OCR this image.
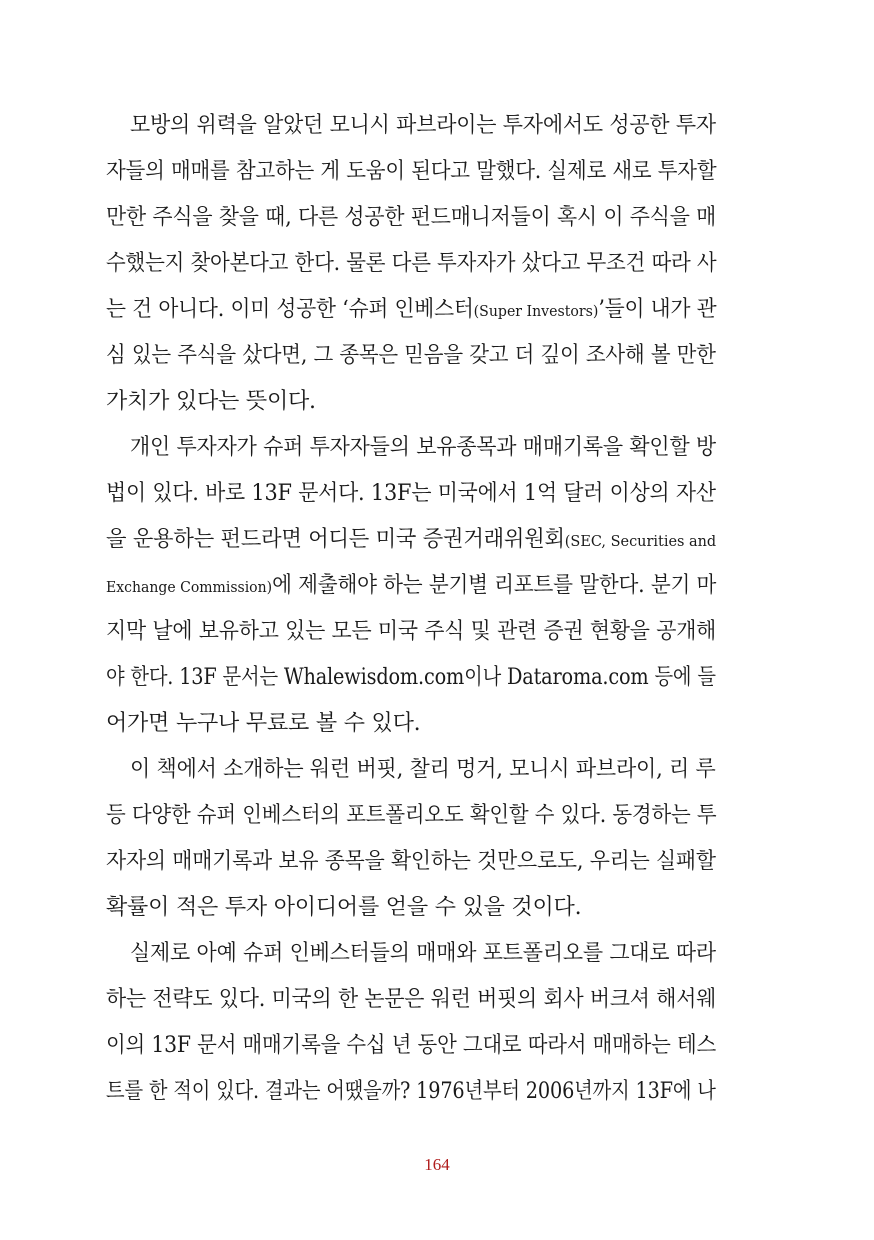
모방의 위력을 알았던 모니시 파브라이는 투자에서도 성공한 투자
자들의 매매를 참고하는 게 도움이 된다고 말했다. 실제로 새로 투자할
만한 주식을 찾을 때, 다른 성공한 펀드매니저들이 혹시 이 주식을 매
수했는지 찾아본다고 한다. 물론 다른 투자자가 샀다고 무조건 따라 사
는 건 아니다. 이미 성공한 ‘슈퍼 인베스터(Super Investors)’들이 내가 관
심 있는 주식을 샀다면, 그 종목은 믿음을 갖고 더 깊이 조사해 볼 만한
가치가 있다는 뜻이다.
개인 투자자가 슈퍼 투자자들의 보유종목과 매매기록을 확인할 방
법이 있다. 바로 13F 문서다. 13F는 미국에서 1억 달러 이상의 자산
을 운용하는 펀드라면 어디든 미국 증권거래위원회(SEC, Securities and
Exchange Commission)에 제출해야 하는 분기별 리포트를 말한다. 분기 마
지막 날에 보유하고 있는 모든 미국 주식 및 관련 증권 현황을 공개해
야 한다. 13F 문서는 Whalewisdom.com이나 Dataroma.com 등에 들
어가면 누구나 무료로 볼 수 있다.
이 책에서 소개하는 워런 버핏, 찰리 멍거, 모니시 파브라이, 리 루
등 다양한 슈퍼 인베스터의 포트폴리오도 확인할 수 있다. 동경하는 투
자자의 매매기록과 보유 종목을 확인하는 것만으로도, 우리는 실패할
확률이 적은 투자 아이디어를 얻을 수 있을 것이다.
실제로 아예 슈퍼 인베스터들의 매매와 포트폴리오를 그대로 따라
하는 전략도 있다. 미국의 한 논문은 워런 버핏의 회사 버크셔 해서웨
이의 13F 문서 매매기록을 수십 년 동안 그대로 따라서 매매하는 테스
트를 한 적이 있다. 결과는 어땠을까? 1976년부터 2006년까지 13F에 나
164
